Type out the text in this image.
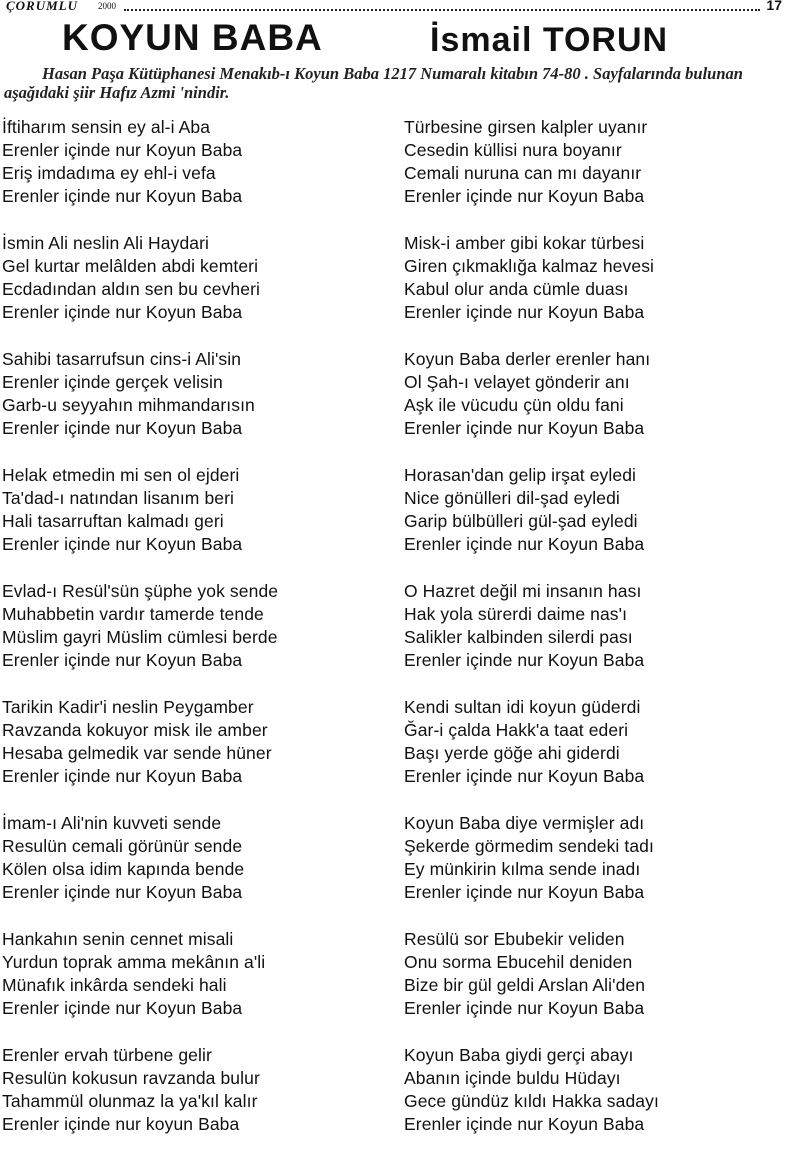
ÇORUMLU 2000	17
KOYUN BABA	İsmail TORUN
Hasan Paşa Kütüphanesi Menakıb-ı Koyun Baba 1217 Numaralı kitabın 74-80 . Sayfalarında bulunan aşağıdaki şiir Hafız Azmi 'nindir.
İftiharım sensin ey al-i Aba
Erenler içinde nur Koyun Baba
Eriş imdadıma ey ehl-i vefa
Erenler içinde nur Koyun Baba
İsmin Ali neslin Ali Haydari
Gel kurtar melâlden abdi kemteri
Ecdadından aldın sen bu cevheri
Erenler içinde nur Koyun Baba
Sahibi tasarrufsun cins-i Ali'sin
Erenler içinde gerçek velisin
Garb-u seyyahın mihmandarısın
Erenler içinde nur Koyun Baba
Helak etmedin mi sen ol ejderi
Ta'dad-ı natından lisanım beri
Hali tasarruftan kalmadı geri
Erenler içinde nur Koyun Baba
Evlad-ı Resül'sün şüphe yok sende
Muhabbetin vardır tamerde tende
Müslim gayri Müslim cümlesi berde
Erenler içinde nur Koyun Baba
Tarikin Kadir'i neslin Peygamber
Ravzanda kokuyor misk ile amber
Hesaba gelmedik var sende hüner
Erenler içinde nur Koyun Baba
İmam-ı Ali'nin kuvveti sende
Resulün cemali görünür sende
Kölen olsa idim kapında bende
Erenler içinde nur Koyun Baba
Hankahın senin cennet misali
Yurdun toprak amma mekânın a'li
Münafık inkârda sendeki hali
Erenler içinde nur Koyun Baba
Erenler ervah türbene gelir
Resulün kokusun ravzanda bulur
Tahammül olunmaz la ya'kıl kalır
Erenler içinde nur koyun Baba
Türbesine girsen kalpler uyanır
Cesedin küllisi nura boyanır
Cemali nuruna can mı dayanır
Erenler içinde nur Koyun Baba
Misk-i amber gibi kokar türbesi
Giren çıkmaklığa kalmaz hevesi
Kabul olur anda cümle duası
Erenler içinde nur Koyun Baba
Koyun Baba derler erenler hanı
Ol Şah-ı velayet gönderir anı
Aşk ile vücudu çün oldu fani
Erenler içinde nur Koyun Baba
Horasan'dan gelip irşat eyledi
Nice gönülleri dil-şad eyledi
Garip bülbülleri gül-şad eyledi
Erenler içinde nur Koyun Baba
O Hazret değil mi insanın hası
Hak yola sürerdi daime nas'ı
Salikler kalbinden silerdi pası
Erenler içinde nur Koyun Baba
Kendi sultan idi koyun güderdi
Ğar-i çalda Hakk'a taat ederi
Başı yerde göğe ahi giderdi
Erenler içinde nur Koyun Baba
Koyun Baba diye vermişler adı
Şekerde görmedim sendeki tadı
Ey münkirin kılma sende inadı
Erenler içinde nur Koyun Baba
Resülü sor Ebubekir veliden
Onu sorma Ebucehil deniden
Bize bir gül geldi Arslan Ali'den
Erenler içinde nur Koyun Baba
Koyun Baba giydi gerçi abayı
Abanın içinde buldu Hüdayı
Gece gündüz kıldı Hakka sadayı
Erenler içinde nur Koyun Baba
